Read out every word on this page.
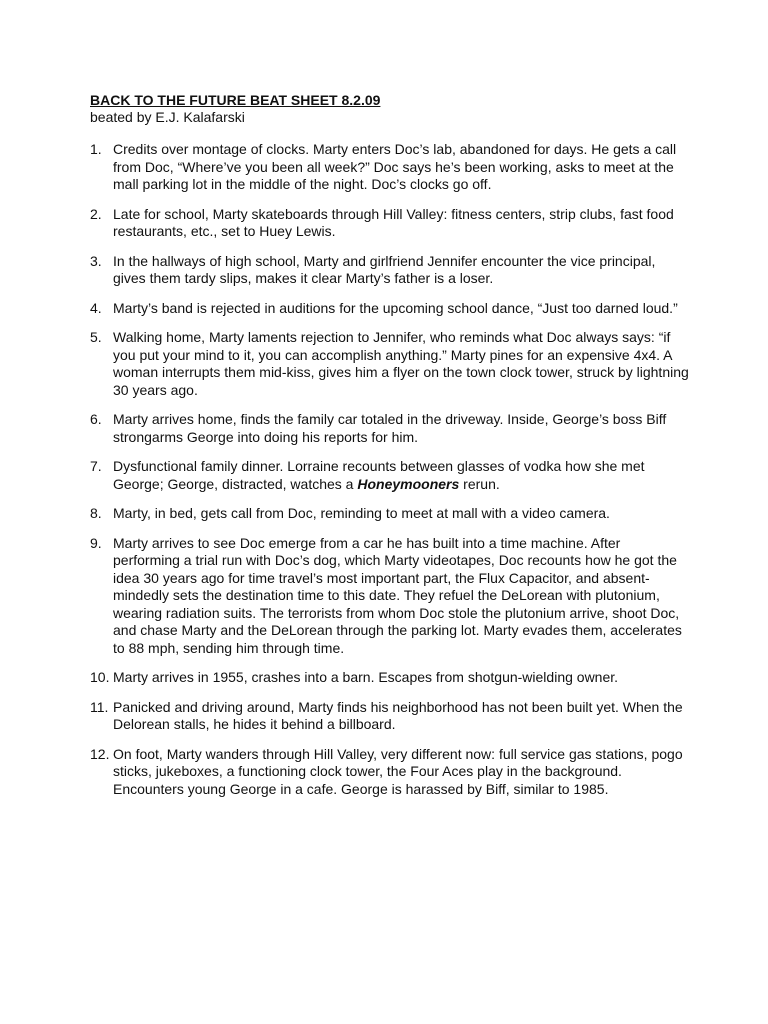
BACK TO THE FUTURE BEAT SHEET 8.2.09

beated by E.J. Kalafarski

1. Credits over montage of clocks. Marty enters Doc’s lab, abandoned for days. He gets a call from Doc, “Where’ve you been all week?” Doc says he’s been working, asks to meet at the mall parking lot in the middle of the night. Doc’s clocks go off.
2. Late for school, Marty skateboards through Hill Valley: fitness centers, strip clubs, fast food restaurants, etc., set to Huey Lewis.
3. In the hallways of high school, Marty and girlfriend Jennifer encounter the vice principal, gives them tardy slips, makes it clear Marty’s father is a loser.
4. Marty’s band is rejected in auditions for the upcoming school dance, “Just too darned loud.”
5. Walking home, Marty laments rejection to Jennifer, who reminds what Doc always says: “if you put your mind to it, you can accomplish anything.” Marty pines for an expensive 4x4. A woman interrupts them mid-kiss, gives him a flyer on the town clock tower, struck by lightning 30 years ago.
6. Marty arrives home, finds the family car totaled in the driveway. Inside, George’s boss Biff strongarms George into doing his reports for him.
7. Dysfunctional family dinner. Lorraine recounts between glasses of vodka how she met George; George, distracted, watches a Honeymooners rerun.
8. Marty, in bed, gets call from Doc, reminding to meet at mall with a video camera.
9. Marty arrives to see Doc emerge from a car he has built into a time machine. After performing a trial run with Doc’s dog, which Marty videotapes, Doc recounts how he got the idea 30 years ago for time travel’s most important part, the Flux Capacitor, and absent-mindedly sets the destination time to this date. They refuel the DeLorean with plutonium, wearing radiation suits. The terrorists from whom Doc stole the plutonium arrive, shoot Doc, and chase Marty and the DeLorean through the parking lot. Marty evades them, accelerates to 88 mph, sending him through time.
10. Marty arrives in 1955, crashes into a barn. Escapes from shotgun-wielding owner.
11. Panicked and driving around, Marty finds his neighborhood has not been built yet. When the Delorean stalls, he hides it behind a billboard.
12. On foot, Marty wanders through Hill Valley, very different now: full service gas stations, pogo sticks, jukeboxes, a functioning clock tower, the Four Aces play in the background. Encounters young George in a cafe. George is harassed by Biff, similar to 1985.
